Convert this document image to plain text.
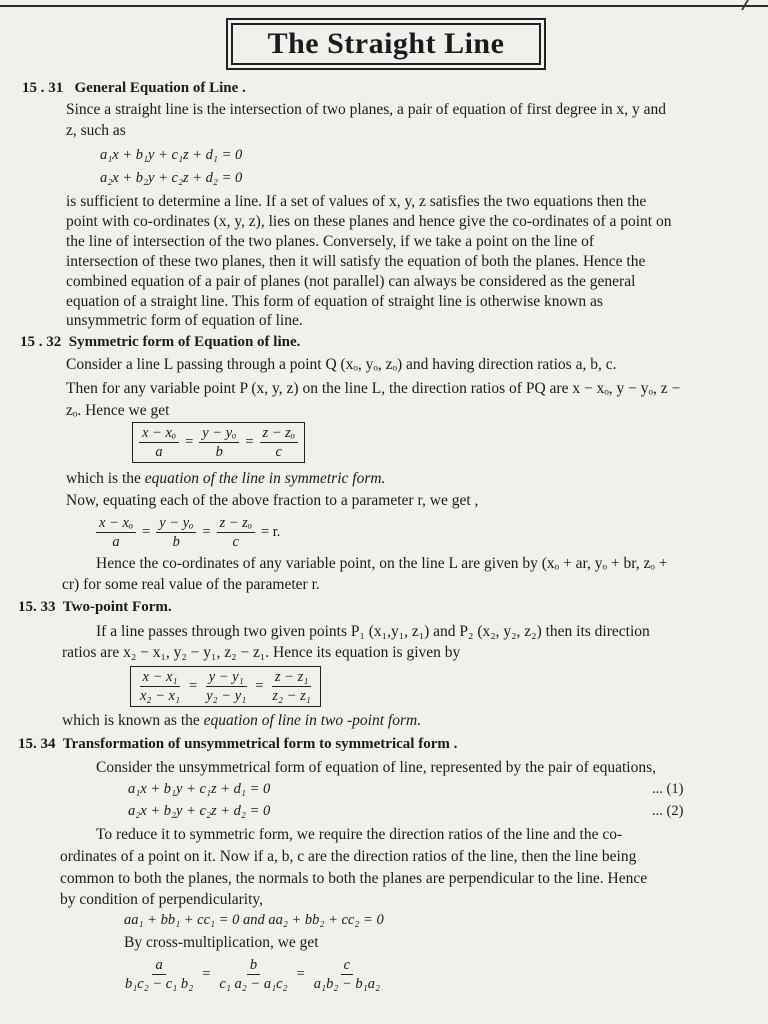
The Straight Line
15 . 31 General Equation of Line .
Since a straight line is the intersection of two planes, a pair of equation of first degree in x, y and
z, such as
a₁x + b₁y + c₁z + d₁ = 0
a₂x + b₂y + c₂z + d₂ = 0
is sufficient to determine a line. If a set of values of x, y, z satisfies the two equations then the
point with co-ordinates (x, y, z), lies on these planes and hence give the co-ordinates of a point on
the line of intersection of the two planes. Conversely, if we take a point on the line of
intersection of these two planes, then it will satisfy the equation of both the planes. Hence the
combined equation of a pair of planes (not parallel) can always be considered as the general
equation of a straight line. This form of equation of straight line is otherwise known as
unsymmetric form of equation of line.
15 . 32 Symmetric form of Equation of line.
Consider a line L passing through a point Q (xₒ, yₒ, zₒ) and having direction ratios a, b, c.
Then for any variable point P (x, y, z) on the line L, the direction ratios of PQ are x − xₒ, y − yₒ, z −
zₒ. Hence we get
$\frac{\text{x − xₒ}}{a} = \frac{\text{y − yₒ}}{b} = \frac{\text{z − zₒ}}{c}$
which is the equation of the line in symmetric form.
Now, equating each of the above fraction to a parameter r, we get ,
$\frac{\text{x − xₒ}}{a} = \frac{\text{y − yₒ}}{b} = \frac{\text{z − zₒ}}{c} = r$.
Hence the co-ordinates of any variable point, on the line L are given by (xₒ + ar, yₒ + br, zₒ +
cr) for some real value of the parameter r.
15. 33 Two-point Form.
If a line passes through two given points P₁ (x₁,y₁, z₁) and P₂ (x₂, y₂, z₂) then its direction
ratios are x₂ − x₁, y₂ − y₁, z₂ − z₁. Hence its equation is given by
$\frac{\text{x − x₁}}{\text{x₂ − x₁}} = \frac{\text{y − y₁}}{\text{y₂ − y₁}} = \frac{\text{z − z₁}}{\text{z₂ − z₁}}$
which is known as the equation of line in two -point form.
15. 34 Transformation of unsymmetrical form to symmetrical form .
Consider the unsymmetrical form of equation of line, represented by the pair of equations,
a₁x + b₁y + c₁z + d₁ = 0	... (1)
a₂x + b₂y + c₂z + d₂ = 0	... (2)
To reduce it to symmetric form, we require the direction ratios of the line and the co-
ordinates of a point on it. Now if a, b, c are the direction ratios of the line, then the line being
common to both the planes, the normals to both the planes are perpendicular to the line. Hence
by condition of perpendicularity,
aa₁ + bb₁ + cc₁ = 0 and aa₂ + bb₂ + cc₂ = 0
By cross-multiplication, we get
$\frac{a}{\text{b₁c₂ − c₁ b₂}} = \frac{b}{\text{c₁ a₂ − a₁c₂}} = \frac{c}{\text{a₁b₂ − b₁a₂}}$
